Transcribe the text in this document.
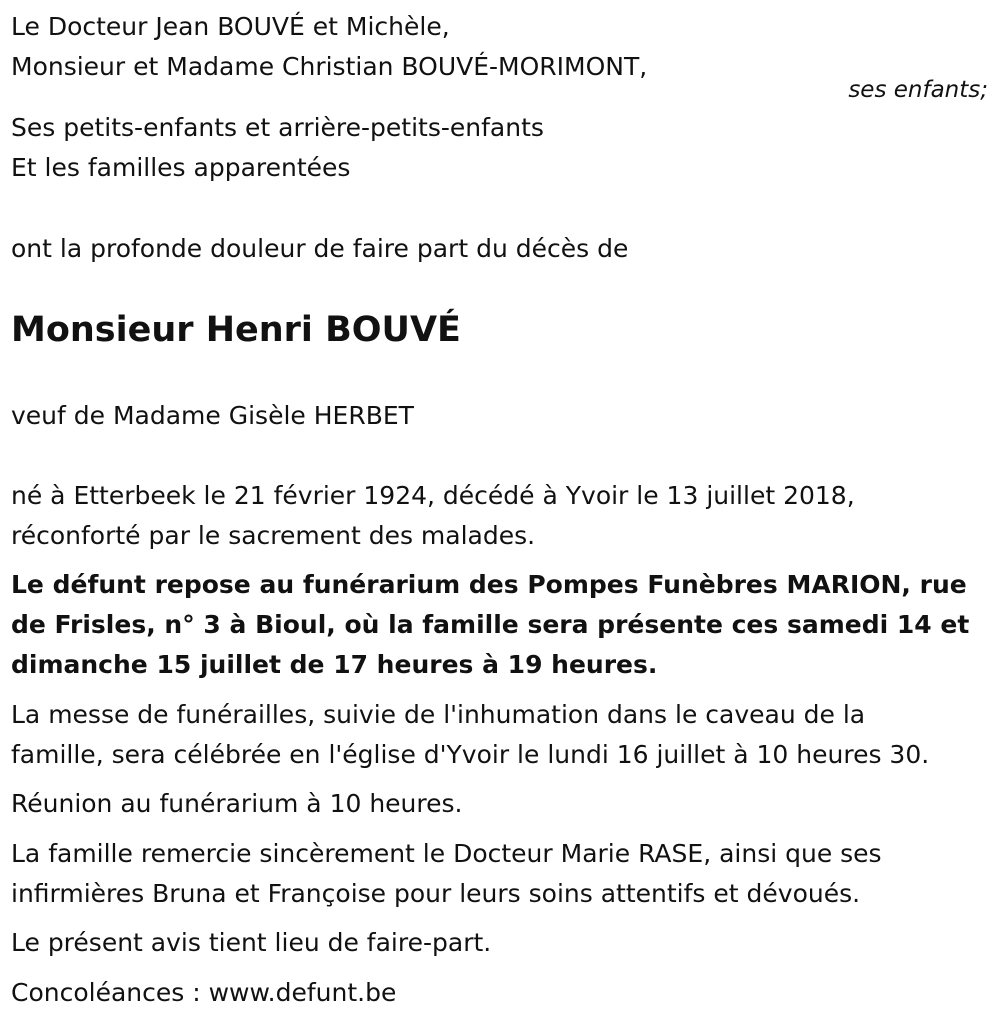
Le Docteur Jean BOUVÉ et Michèle,

Monsieur et Madame Christian BOUVÉ-MORIMONT,

ses enfants;

Ses petits-enfants et arrière-petits-enfants

Et les familles apparentées

ont la profonde douleur de faire part du décès de

Monsieur Henri BOUVÉ

veuf de Madame Gisèle HERBET

né à Etterbeek le 21 février 1924, décédé à Yvoir le 13 juillet 2018,

réconforté par le sacrement des malades.

Le défunt repose au funérarium des Pompes Funèbres MARION, rue

de Frisles, n° 3 à Bioul, où la famille sera présente ces samedi 14 et

dimanche 15 juillet de 17 heures à 19 heures.

La messe de funérailles, suivie de l'inhumation dans le caveau de la

famille, sera célébrée en l'église d'Yvoir le lundi 16 juillet à 10 heures 30.

Réunion au funérarium à 10 heures.

La famille remercie sincèrement le Docteur Marie RASE, ainsi que ses

infirmières Bruna et Françoise pour leurs soins attentifs et dévoués.

Le présent avis tient lieu de faire-part.

Concoléances : www.defunt.be
